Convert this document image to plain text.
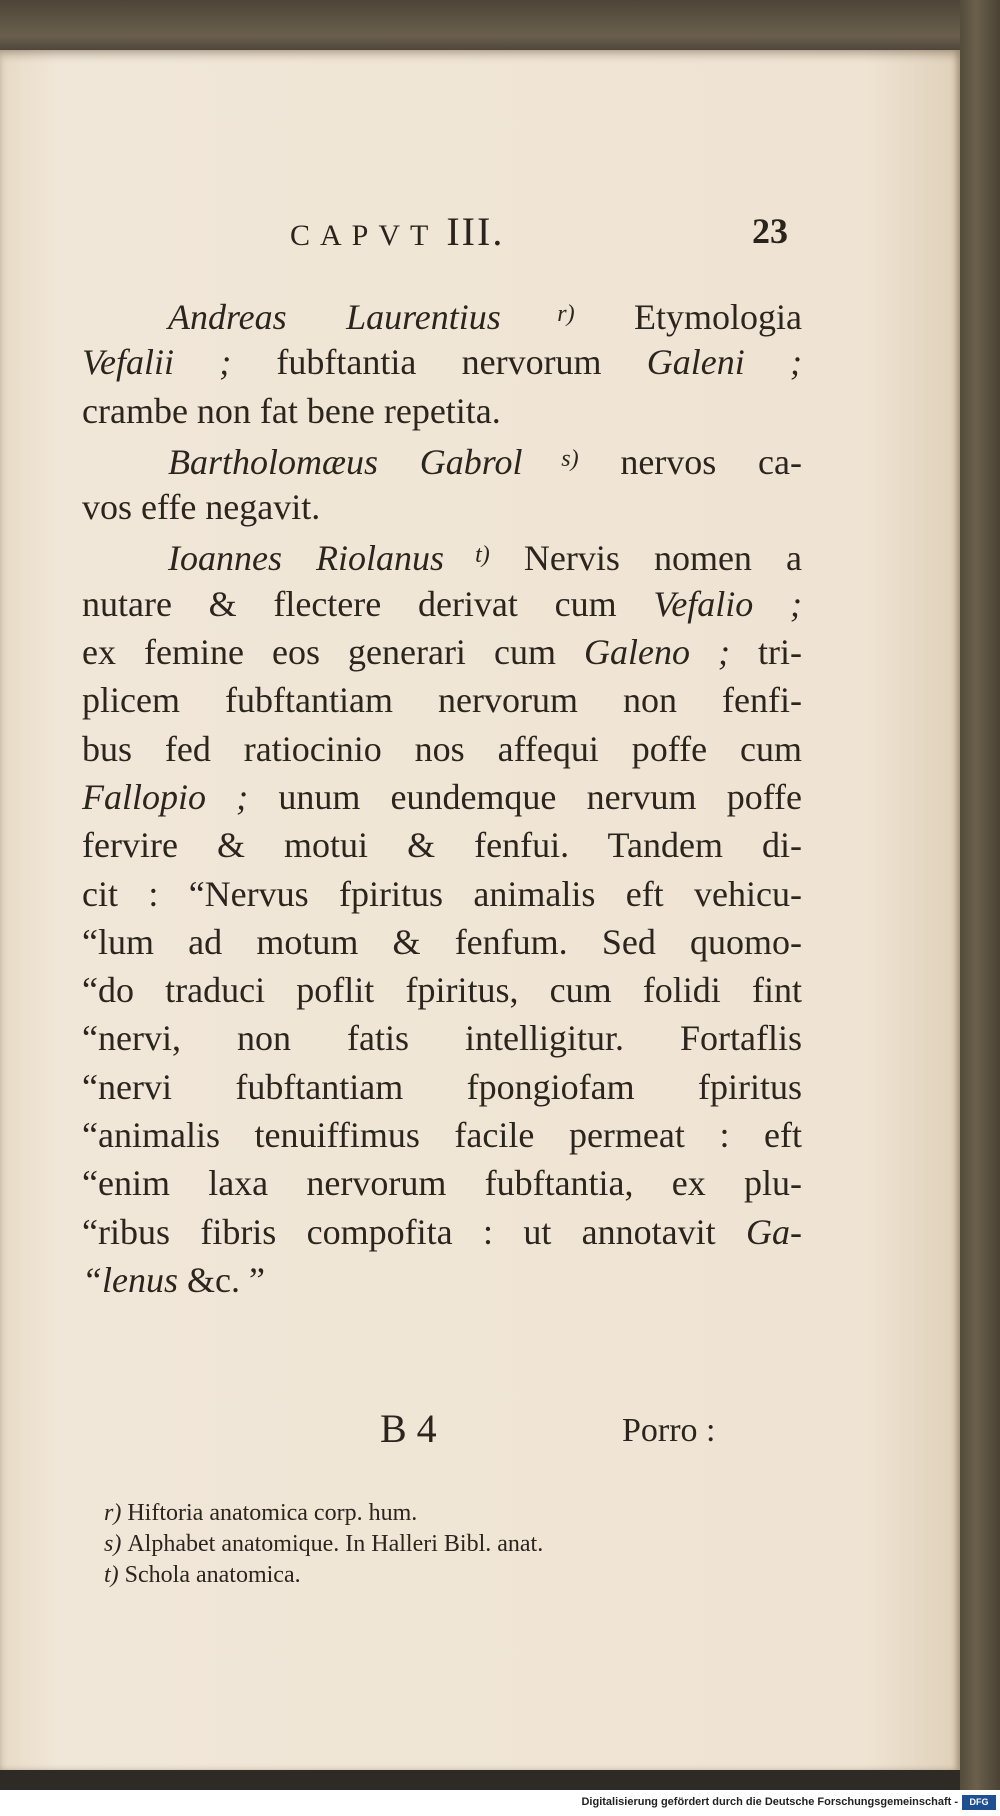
CAPVT III.	23
Andreas Laurentius $^{r)}$ Etymologia
Vefalii ; fubftantia nervorum Galeni ;
crambe non fat bene repetita.
Bartholomæus Gabrol $^{s)}$ nervos ca-
vos effe negavit.
Ioannes Riolanus $^{t)}$ Nervis nomen a
nutare & flectere derivat cum Vefalio ;
ex femine eos generari cum Galeno ; tri-
plicem fubftantiam nervorum non fenfi-
bus fed ratiocinio nos affequi poffe cum
Fallopio ; unum eundemque nervum poffe
fervire & motui & fenfui. Tandem di-
cit : “Nervus fpiritus animalis eft vehicu-
“lum ad motum & fenfum. Sed quomo-
“do traduci poflit fpiritus, cum folidi fint
“nervi, non fatis intelligitur. Fortaflis
“nervi fubftantiam fpongiofam fpiritus
“animalis tenuiffimus facile permeat : eft
“enim laxa nervorum fubftantia, ex plu-
“ribus fibris compofita : ut annotavit Ga-
“lenus &c. ”
B 4	Porro :
r) Hiftoria anatomica corp. hum.
s) Alphabet anatomique. In Halleri Bibl. anat.
t) Schola anatomica.
Digitalisierung gefördert durch die Deutsche Forschungsgemeinschaft -	DFG
